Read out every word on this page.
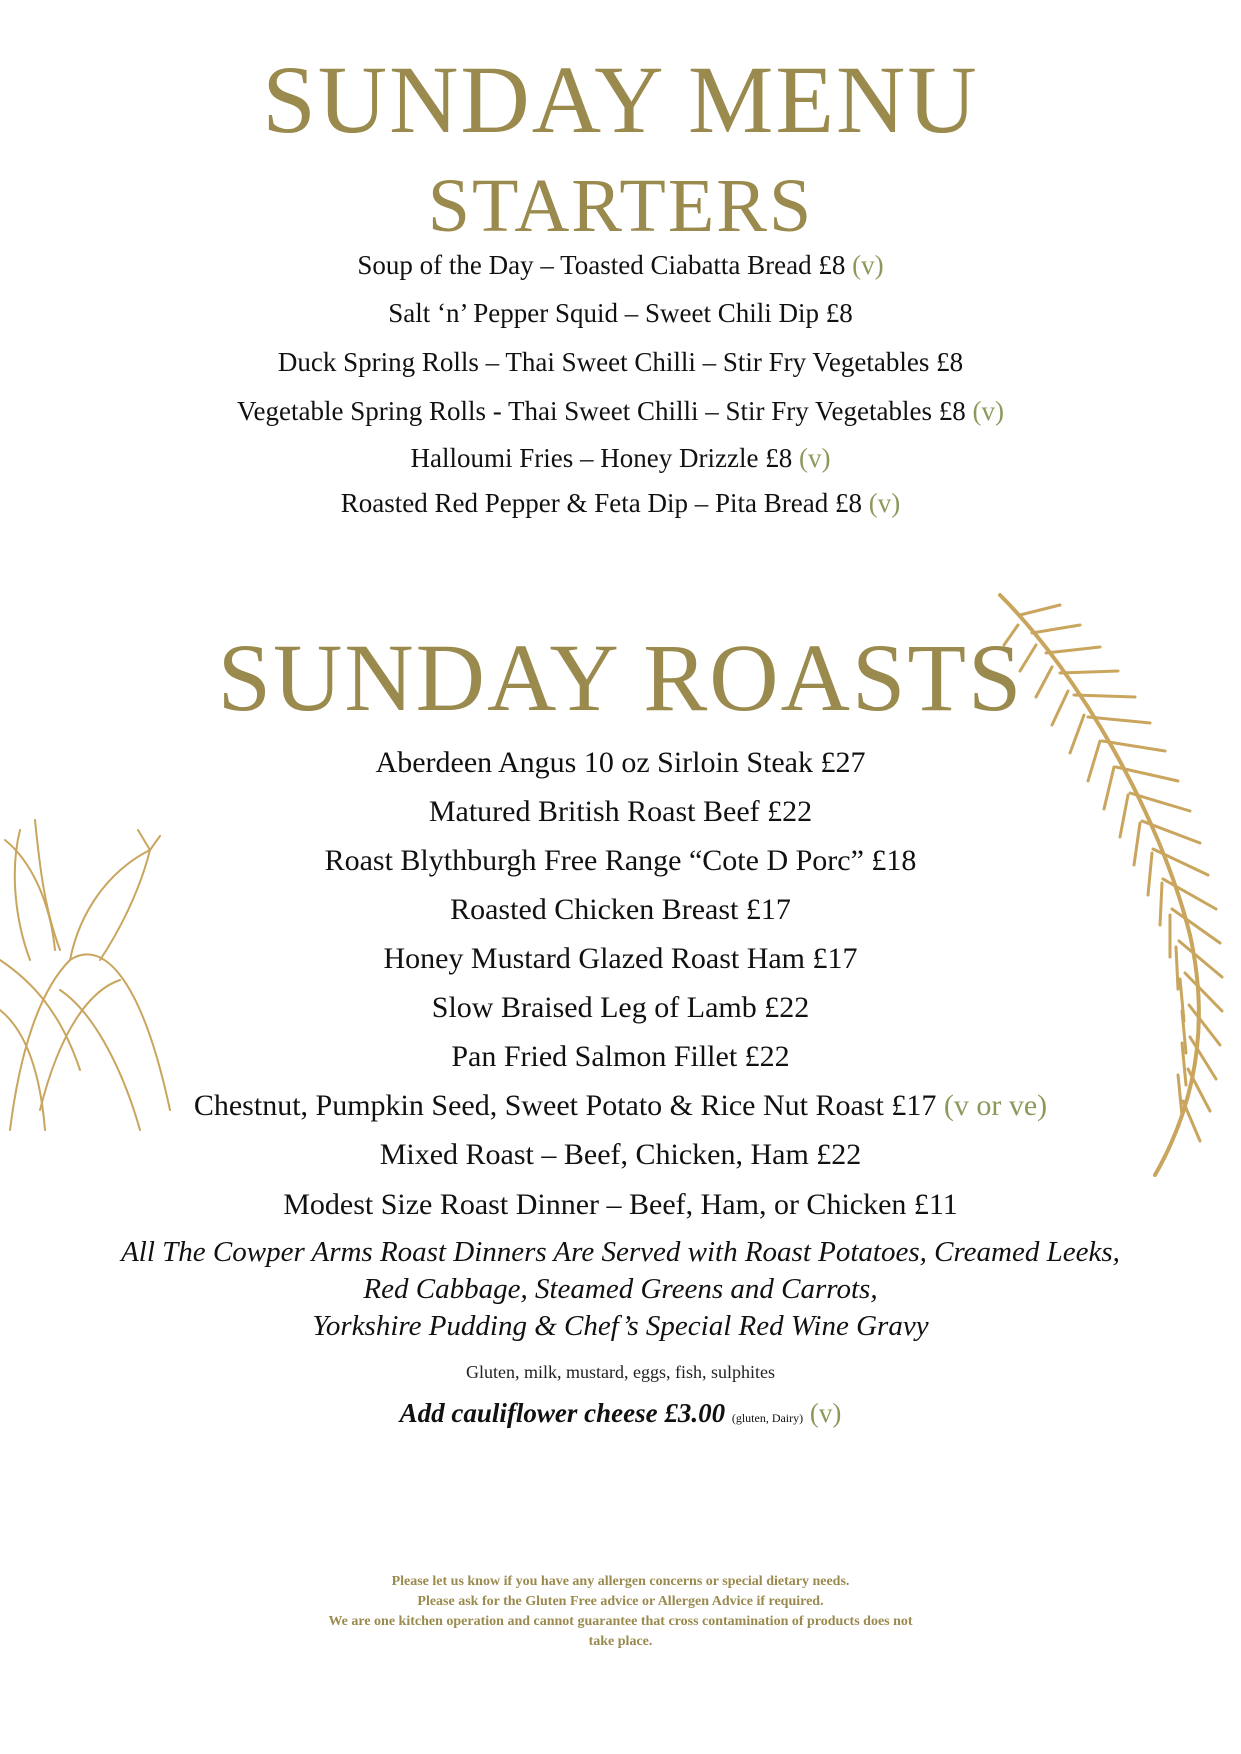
SUNDAY MENU
STARTERS
Soup of the Day – Toasted Ciabatta Bread £8 (v)
Salt ‘n’ Pepper Squid – Sweet Chili Dip £8
Duck Spring Rolls – Thai Sweet Chilli – Stir Fry Vegetables £8
Vegetable Spring Rolls - Thai Sweet Chilli – Stir Fry Vegetables £8 (v)
Halloumi Fries – Honey Drizzle £8 (v)
Roasted Red Pepper & Feta Dip – Pita Bread £8 (v)
SUNDAY ROASTS
Aberdeen Angus 10 oz Sirloin Steak £27
Matured British Roast Beef £22
Roast Blythburgh Free Range “Cote D Porc” £18
Roasted Chicken Breast £17
Honey Mustard Glazed Roast Ham £17
Slow Braised Leg of Lamb £22
Pan Fried Salmon Fillet £22
Chestnut, Pumpkin Seed, Sweet Potato & Rice Nut Roast £17 (v or ve)
Mixed Roast – Beef, Chicken, Ham £22
Modest Size Roast Dinner – Beef, Ham, or Chicken £11
All The Cowper Arms Roast Dinners Are Served with Roast Potatoes, Creamed Leeks,
Red Cabbage, Steamed Greens and Carrots,
Yorkshire Pudding & Chef’s Special Red Wine Gravy
Gluten, milk, mustard, eggs, fish, sulphites
Add cauliflower cheese £3.00 (gluten, Dairy) (v)
Please let us know if you have any allergen concerns or special dietary needs.
Please ask for the Gluten Free advice or Allergen Advice if required.
We are one kitchen operation and cannot guarantee that cross contamination of products does not
take place.
